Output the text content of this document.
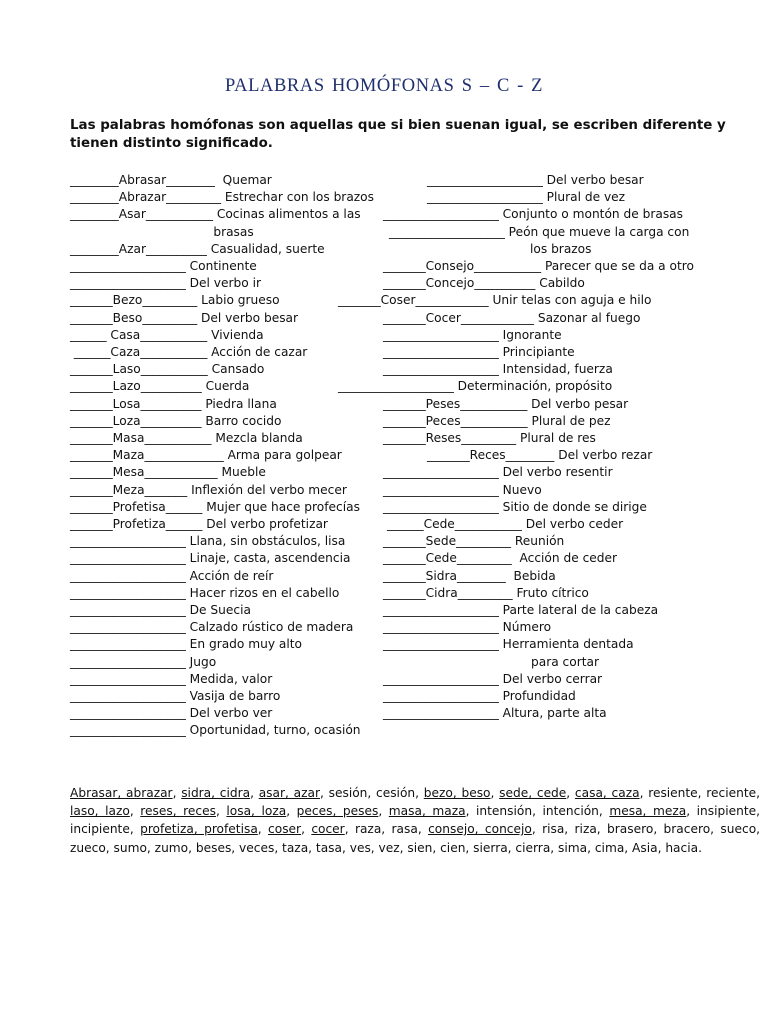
PALABRAS HOMÓFONAS S – C - Z
Las palabras homófonas son aquellas que si bien suenan igual, se escriben diferente y tienen distinto significado.
________Abrasar________  Quemar
________Abrazar_________ Estrechar con los brazos
________Asar___________ Cocinas alimentos a las
brasas
________Azar__________ Casualidad, suerte
___________________ Continente
___________________ Del verbo ir
_______Bezo_________ Labio grueso
_______Beso_________ Del verbo besar
______ Casa___________ Vivienda
______Caza___________ Acción de cazar
_______Laso___________ Cansado
_______Lazo__________ Cuerda
_______Losa__________ Piedra llana
_______Loza__________ Barro cocido
_______Masa___________ Mezcla blanda
_______Maza_____________ Arma para golpear
_______Mesa____________ Mueble
_______Meza_______ Inflexión del verbo mecer
_______Profetisa______ Mujer que hace profecías
_______Profetiza______ Del verbo profetizar
___________________ Llana, sin obstáculos, lisa
___________________ Linaje, casta, ascendencia
___________________ Acción de reír
___________________ Hacer rizos en el cabello
___________________ De Suecia
___________________ Calzado rústico de madera
___________________ En grado muy alto
___________________ Jugo
___________________ Medida, valor
___________________ Vasija de barro
___________________ Del verbo ver
___________________ Oportunidad, turno, ocasión
___________________ Del verbo besar
___________________ Plural de vez
___________________ Conjunto o montón de brasas
___________________ Peón que mueve la carga con
los brazos
_______Consejo___________ Parecer que se da a otro
_______Concejo__________ Cabildo
_______Coser____________ Unir telas con aguja e hilo
_______Cocer____________ Sazonar al fuego
___________________ Ignorante
___________________ Principiante
___________________ Intensidad, fuerza
___________________ Determinación, propósito
_______Peses___________ Del verbo pesar
_______Peces___________ Plural de pez
_______Reses_________ Plural de res
_______Reces________ Del verbo rezar
___________________ Del verbo resentir
___________________ Nuevo
___________________ Sitio de donde se dirige
______Cede___________ Del verbo ceder
_______Sede_________ Reunión
_______Cede_________  Acción de ceder
_______Sidra________  Bebida
_______Cidra_________ Fruto cítrico
___________________ Parte lateral de la cabeza
___________________ Número
___________________ Herramienta dentada
para cortar
___________________ Del verbo cerrar
___________________ Profundidad
___________________ Altura, parte alta
Abrasar, abrazar, sidra, cidra, asar, azar, sesión, cesión, bezo, beso, sede, cede, casa, caza, resiente, reciente, laso, lazo, reses, reces, losa, loza, peces, peses, masa, maza, intensión, intención, mesa, meza, insipiente, incipiente, profetiza, profetisa, coser, cocer, raza, rasa, consejo, concejo, risa, riza, brasero, bracero, sueco, zueco, sumo, zumo, beses, veces, taza, tasa, ves, vez, sien, cien, sierra, cierra, sima, cima, Asia, hacia.
